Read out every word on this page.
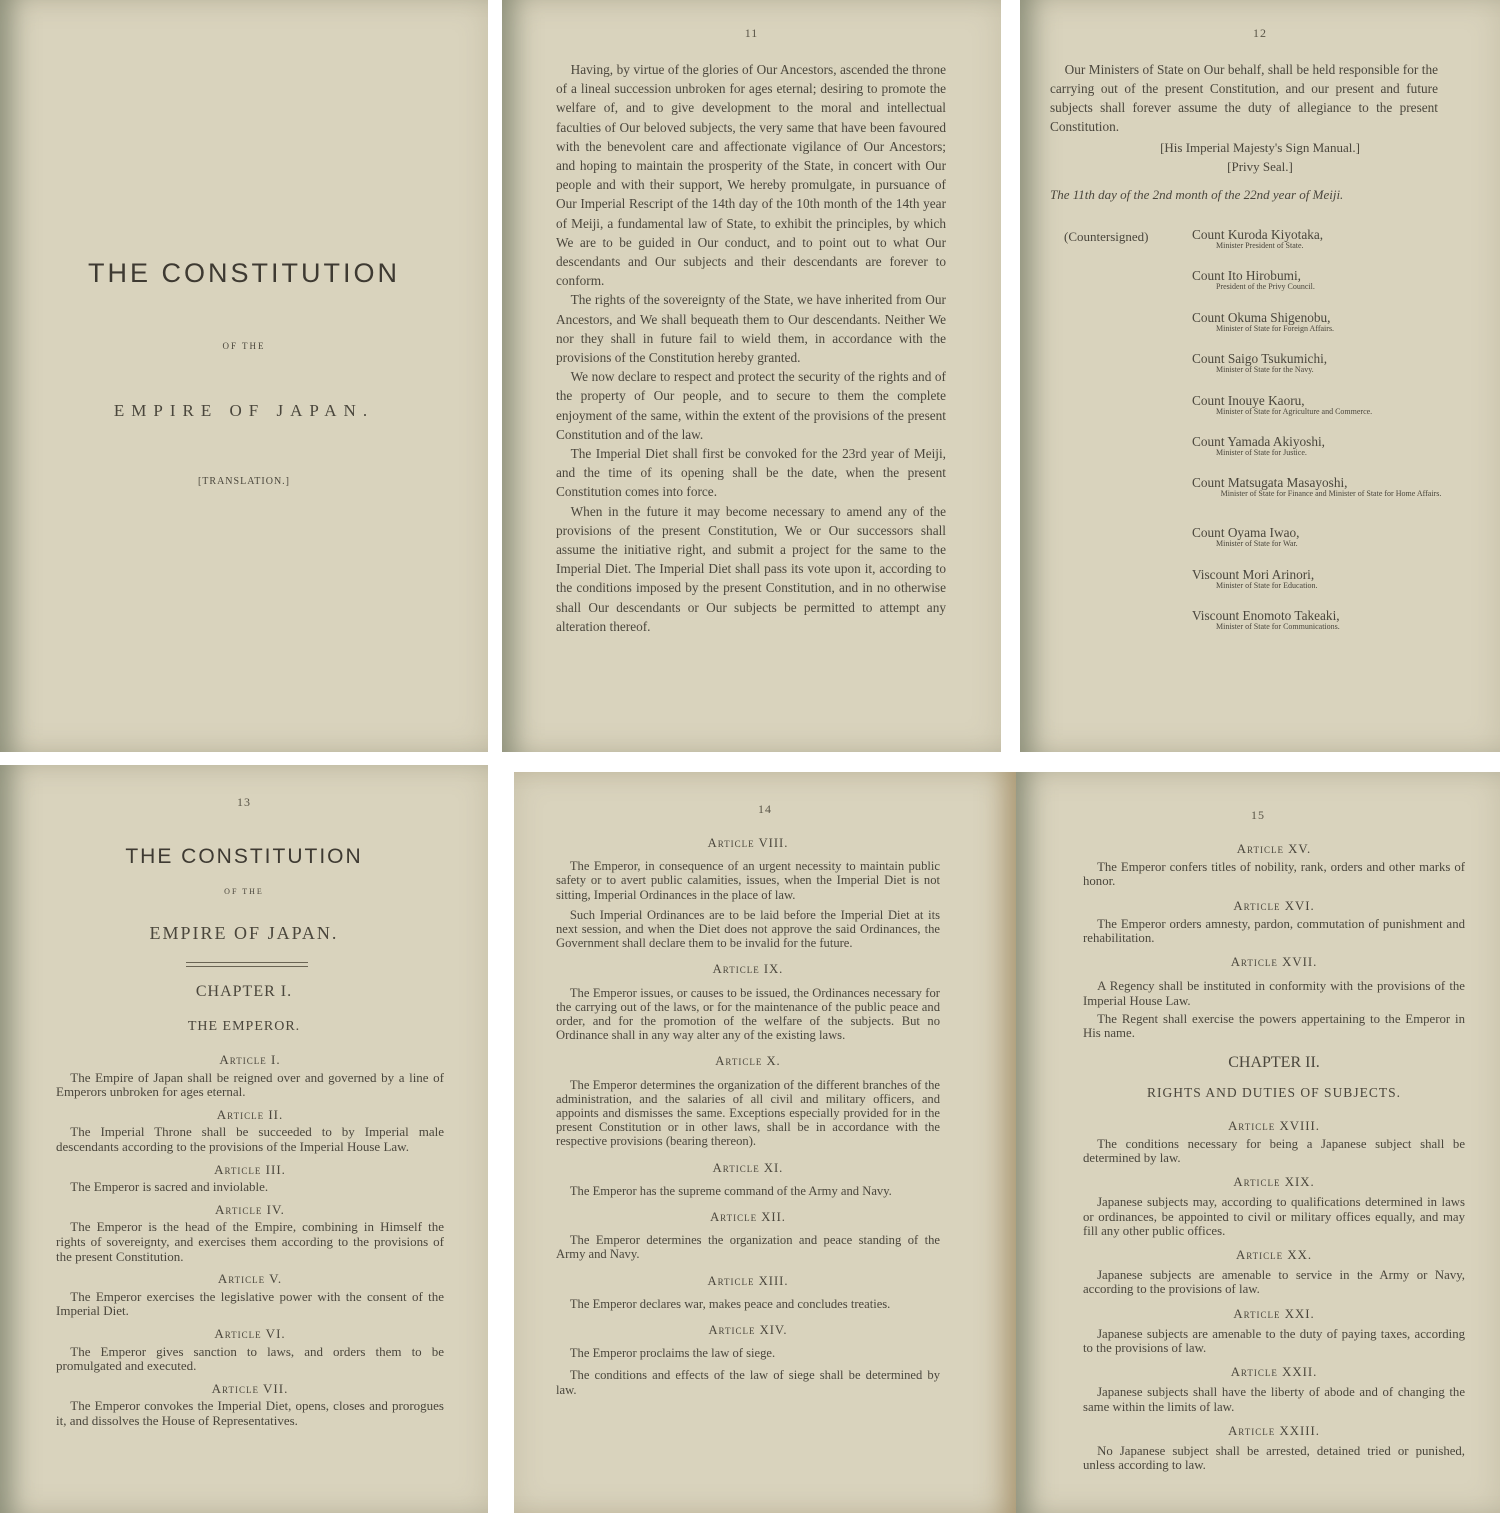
THE CONSTITUTION
OF THE
EMPIRE OF JAPAN.
[TRANSLATION.]
11

Having, by virtue of the glories of Our Ancestors, ascended the throne of a lineal succession unbroken for ages eternal; desiring to promote the welfare of, and to give development to the moral and intellectual faculties of Our beloved subjects, the very same that have been favoured with the benevolent care and affectionate vigilance of Our Ancestors; and hoping to maintain the prosperity of the State, in concert with Our people and with their support, We hereby promulgate, in pursuance of Our Imperial Rescript of the 14th day of the 10th month of the 14th year of Meiji, a fundamental law of State, to exhibit the principles, by which We are to be guided in Our conduct, and to point out to what Our descendants and Our subjects and their descendants are forever to conform.

The rights of the sovereignty of the State, we have inherited from Our Ancestors, and We shall bequeath them to Our descendants. Neither We nor they shall in future fail to wield them, in accordance with the provisions of the Constitution hereby granted.

We now declare to respect and protect the security of the rights and of the property of Our people, and to secure to them the complete enjoyment of the same, within the extent of the provisions of the present Constitution and of the law.

The Imperial Diet shall first be convoked for the 23rd year of Meiji, and the time of its opening shall be the date, when the present Constitution comes into force.

When in the future it may become necessary to amend any of the provisions of the present Constitution, We or Our successors shall assume the initiative right, and submit a project for the same to the Imperial Diet. The Imperial Diet shall pass its vote upon it, according to the conditions imposed by the present Constitution, and in no otherwise shall Our descendants or Our subjects be permitted to attempt any alteration thereof.

12

Our Ministers of State on Our behalf, shall be held responsible for the carrying out of the present Constitution, and our present and future subjects shall forever assume the duty of allegiance to the present Constitution.

[His Imperial Majesty's Sign Manual.]
[Privy Seal.]
The 11th day of the 2nd month of the 22nd year of Meiji.
(Countersigned)	Count Kuroda Kiyotaka,
Minister President of State.
Count Ito Hirobumi,
President of the Privy Council.
Count Okuma Shigenobu,
Minister of State for Foreign Affairs.
Count Saigo Tsukumichi,
Minister of State for the Navy.
Count Inouye Kaoru,
Minister of State for Agriculture and Commerce.
Count Yamada Akiyoshi,
Minister of State for Justice.
Count Matsugata Masayoshi,
Minister of State for Finance and Minister of State for Home Affairs.
Count Oyama Iwao,
Minister of State for War.
Viscount Mori Arinori,
Minister of State for Education.
Viscount Enomoto Takeaki,
Minister of State for Communications.
13
THE CONSTITUTION
OF THE
EMPIRE OF JAPAN.
CHAPTER I.
THE EMPEROR.
Article I.

The Empire of Japan shall be reigned over and governed by a line of Emperors unbroken for ages eternal.

Article II.

The Imperial Throne shall be succeeded to by Imperial male descendants according to the provisions of the Imperial House Law.

Article III.

The Emperor is sacred and inviolable.

Article IV.

The Emperor is the head of the Empire, combining in Himself the rights of sovereignty, and exercises them according to the provisions of the present Constitution.

Article V.

The Emperor exercises the legislative power with the consent of the Imperial Diet.

Article VI.

The Emperor gives sanction to laws, and orders them to be promulgated and executed.

Article VII.

The Emperor convokes the Imperial Diet, opens, closes and prorogues it, and dissolves the House of Representatives.

14
Article VIII.

The Emperor, in consequence of an urgent necessity to maintain public safety or to avert public calamities, issues, when the Imperial Diet is not sitting, Imperial Ordinances in the place of law.

Such Imperial Ordinances are to be laid before the Imperial Diet at its next session, and when the Diet does not approve the said Ordinances, the Government shall declare them to be invalid for the future.

Article IX.

The Emperor issues, or causes to be issued, the Ordinances necessary for the carrying out of the laws, or for the maintenance of the public peace and order, and for the promotion of the welfare of the subjects. But no Ordinance shall in any way alter any of the existing laws.

Article X.

The Emperor determines the organization of the different branches of the administration, and the salaries of all civil and military officers, and appoints and dismisses the same. Exceptions especially provided for in the present Constitution or in other laws, shall be in accordance with the respective provisions (bearing thereon).

Article XI.

The Emperor has the supreme command of the Army and Navy.

Article XII.

The Emperor determines the organization and peace standing of the Army and Navy.

Article XIII.

The Emperor declares war, makes peace and concludes treaties.

Article XIV.

The Emperor proclaims the law of siege.

The conditions and effects of the law of siege shall be determined by law.

15
Article XV.

The Emperor confers titles of nobility, rank, orders and other marks of honor.

Article XVI.

The Emperor orders amnesty, pardon, commutation of punishment and rehabilitation.

Article XVII.

A Regency shall be instituted in conformity with the provisions of the Imperial House Law.

The Regent shall exercise the powers appertaining to the Emperor in His name.

CHAPTER II.
RIGHTS AND DUTIES OF SUBJECTS.
Article XVIII.

The conditions necessary for being a Japanese subject shall be determined by law.

Article XIX.

Japanese subjects may, according to qualifications determined in laws or ordinances, be appointed to civil or military offices equally, and may fill any other public offices.

Article XX.

Japanese subjects are amenable to service in the Army or Navy, according to the provisions of law.

Article XXI.

Japanese subjects are amenable to the duty of paying taxes, according to the provisions of law.

Article XXII.

Japanese subjects shall have the liberty of abode and of changing the same within the limits of law.

Article XXIII.

No Japanese subject shall be arrested, detained tried or punished, unless according to law.
